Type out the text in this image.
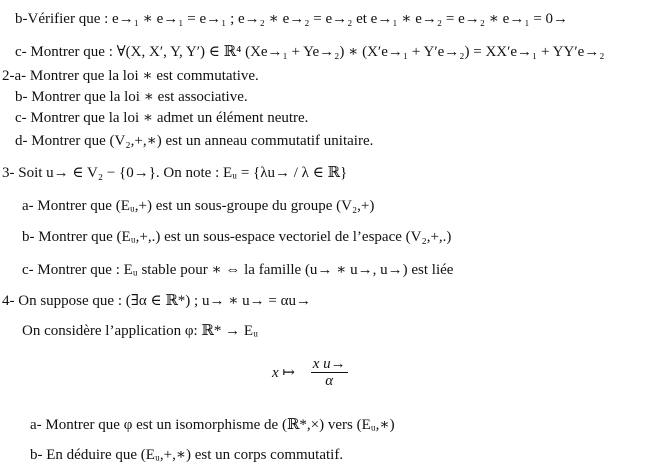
b-Vérifier que : e→₁ ∗ e→₁ = e→₁ ; e→₂ ∗ e→₂ = e→₂ et e→₁ ∗ e→₂ = e→₂ ∗ e→₁ = 0→
c- Montrer que : ∀(X, X′, Y, Y′) ∈ ℝ⁴ (Xe→₁ + Ye→₂) ∗ (X′e→₁ + Y′e→₂) = XX′e→₁ + YY′e→₂
2-a- Montrer que la loi ∗ est commutative.
b- Montrer que la loi ∗ est associative.
c- Montrer que la loi ∗ admet un élément neutre.
d- Montrer que (V₂,+,∗) est un anneau commutatif unitaire.
3- Soit u→ ∈ V₂ − {0→}. On note : Eᵤ = {λu→ / λ ∈ ℝ}
a- Montrer que (Eᵤ,+) est un sous-groupe du groupe (V₂,+)
b- Montrer que (Eᵤ,+,.) est un sous-espace vectoriel de l’espace (V₂,+,.)
c- Montrer que : Eᵤ stable pour ∗ ⇔ la famille (u→ ∗ u→, u→) est liée
4- On suppose que : (∃α ∈ ℝ*) ; u→ ∗ u→ = αu→
On considère l’application φ: ℝ* → Eᵤ
x ↦ $\frac{\text{x u→}}{\alpha}$
a- Montrer que φ est un isomorphisme de (ℝ*,×) vers (Eᵤ,∗)
b- En déduire que (Eᵤ,+,∗) est un corps commutatif.
